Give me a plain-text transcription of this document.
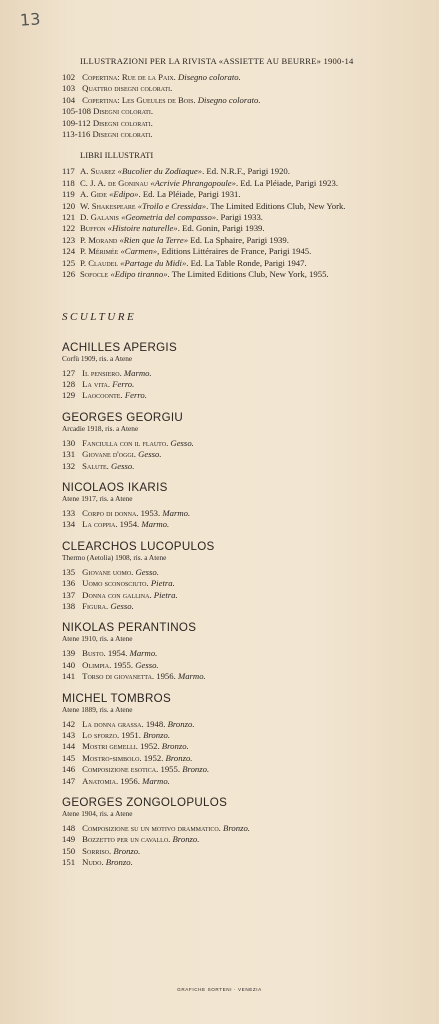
13
ILLUSTRAZIONI PER LA RIVISTA «ASSIETTE AU BEURRE» 1900-14
102 Copertina: Rue de la Paix. Disegno colorato.
103 Quattro disegni colorati.
104 Copertina: Les Gueules de Bois. Disegno colorato.
105-108 Disegni colorati.
109-112 Disegni colorati.
113-116 Disegni colorati.
LIBRI ILLUSTRATI
117 A. Suarez «Bucolier du Zodiaque». Ed. N.R.F., Parigi 1920.
118 C. J. A. de Goninau «Acrivie Phrangopoule». Ed. La Pléiade, Parigi 1923.
119 A. Gide «Edipo». Ed. La Pléiade, Parigi 1931.
120 W. Shakespeare «Troilo e Cressida». The Limited Editions Club, New York.
121 D. Galanis «Geometria del compasso». Parigi 1933.
122 Buffon «Histoire naturelle». Ed. Gonin, Parigi 1939.
123 P. Morand «Rien que la Terre» Ed. La Sphaire, Parigi 1939.
124 P. Mérimée «Carmen», Editions Littéraires de France, Parigi 1945.
125 P. Claudel «Partage du Midi». Ed. La Table Ronde, Parigi 1947.
126 Sofocle «Edipo tiranno». The Limited Editions Club, New York, 1955.
SCULTURE
ACHILLES APERGIS
Corfù 1909, ris. a Atene
127 Il pensiero. Marmo.
128 La vita. Ferro.
129 Laocoonte. Ferro.
GEORGES GEORGIU
Arcadie 1918, ris. a Atene
130 Fanciulla con il flauto. Gesso.
131 Giovane d'oggi. Gesso.
132 Salute. Gesso.
NICOLAOS IKARIS
Atene 1917, ris. a Atene
133 Corpo di donna. 1953. Marmo.
134 La coppia. 1954. Marmo.
CLEARCHOS LUCOPULOS
Thermo (Aetolia) 1908, ris. a Atene
135 Giovane uomo. Gesso.
136 Uomo sconosciuto. Pietra.
137 Donna con gallina. Pietra.
138 Figura. Gesso.
NIKOLAS PERANTINOS
Atene 1910, ris. a Atene
139 Busto. 1954. Marmo.
140 Olimpia. 1955. Gesso.
141 Torso di giovanetta. 1956. Marmo.
MICHEL TOMBROS
Atene 1889, ris. a Atene
142 La donna grassa. 1948. Bronzo.
143 Lo sforzo. 1951. Bronzo.
144 Mostri gemelli. 1952. Bronzo.
145 Mostro-simbolo. 1952. Bronzo.
146 Composizione esotica. 1955. Bronzo.
147 Anatomia. 1956. Marmo.
GEORGES ZONGOLOPULOS
Atene 1904, ris. a Atene
148 Composizione su un motivo drammatico. Bronzo.
149 Bozzetto per un cavallo. Bronzo.
150 Sorriso. Bronzo.
151 Nudo. Bronzo.
GRAFICHE SORTENI · VENEZIA
